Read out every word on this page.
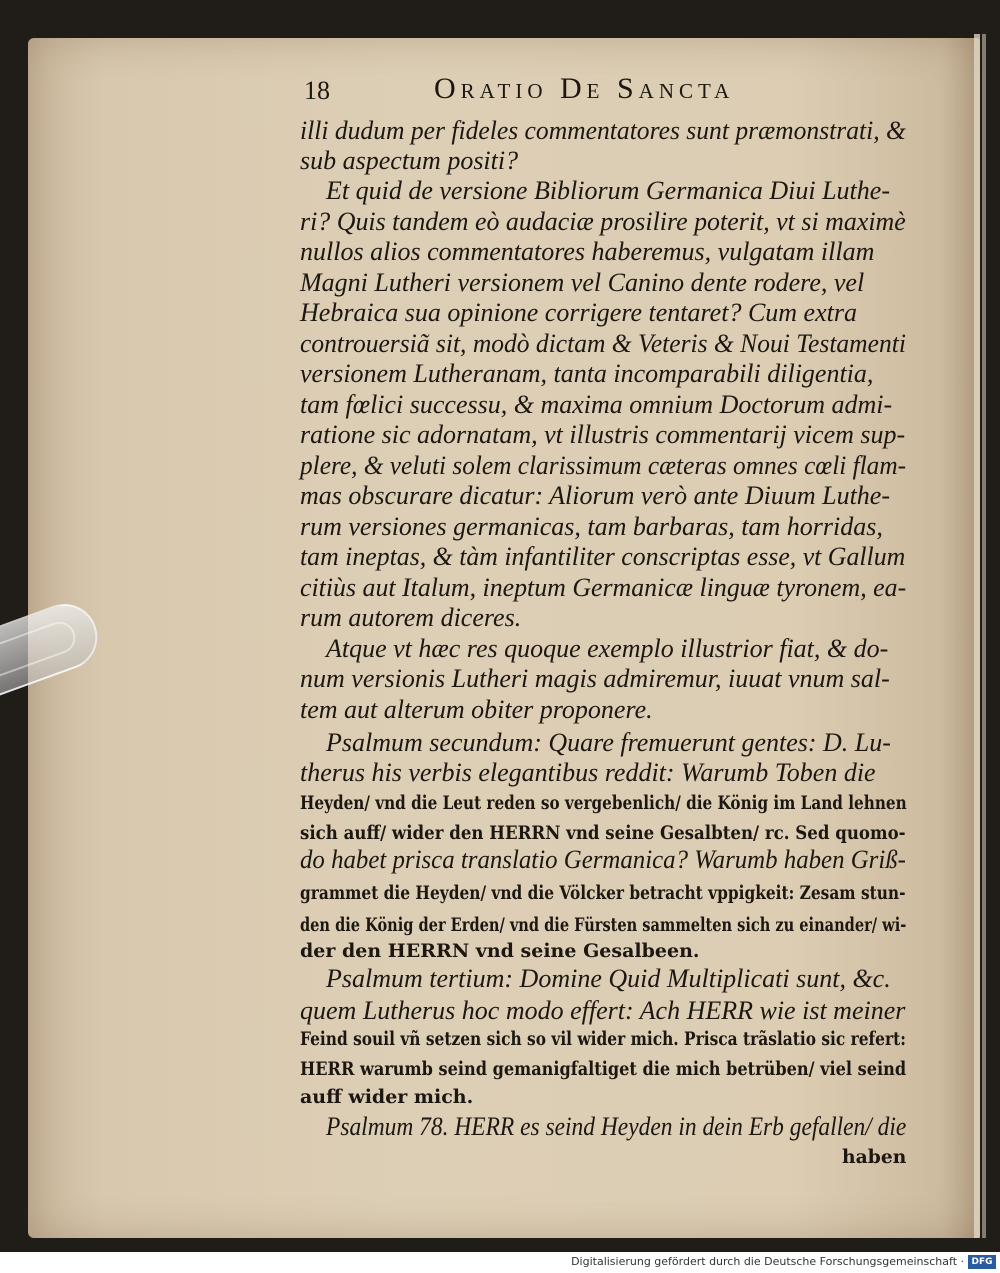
18	Oratio De Sancta
illi dudum per fideles commentatores sunt præmonstrati, &
sub aspectum positi?
Et quid de versione Bibliorum Germanica Diui Luthe-
ri? Quis tandem eò audaciæ prosilire poterit, vt si maximè
nullos alios commentatores haberemus, vulgatam illam
Magni Lutheri versionem vel Canino dente rodere, vel
Hebraica sua opinione corrigere tentaret? Cum extra
controuersiã sit, modò dictam & Veteris & Noui Testamenti
versionem Lutheranam, tanta incomparabili diligentia,
tam fœlici successu, & maxima omnium Doctorum admi-
ratione sic adornatam, vt illustris commentarij vicem sup-
plere, & veluti solem clarissimum cæteras omnes cœli flam-
mas obscurare dicatur: Aliorum verò ante Diuum Luthe-
rum versiones germanicas, tam barbaras, tam horridas,
tam ineptas, & tàm infantiliter conscriptas esse, vt Gallum
citiùs aut Italum, ineptum Germanicæ linguæ tyronem, ea-
rum autorem diceres.
Atque vt hæc res quoque exemplo illustrior fiat, & do-
num versionis Lutheri magis admiremur, iuuat vnum sal-
tem aut alterum obiter proponere.
Psalmum secundum: Quare fremuerunt gentes: D. Lu-
therus his verbis elegantibus reddit: Warumb Toben die
Heyden/ vnd die Leut reden so vergebenlich/ die König im Land lehnen
sich auff/ wider den HERRN vnd seine Gesalbten/ rc. Sed quomo-
do habet prisca translatio Germanica? Warumb haben Griß-
grammet die Heyden/ vnd die Völcker betracht vppigkeit: Zesam stun-
den die König der Erden/ vnd die Fürsten sammelten sich zu einander/ wi-
der den HERRN vnd seine Gesalbeen.
Psalmum tertium: Domine Quid Multiplicati sunt, &c.
quem Lutherus hoc modo effert: Ach HERR wie ist meiner
Feind souil vñ setzen sich so vil wider mich. Prisca trãslatio sic refert:
HERR warumb seind gemanigfaltiget die mich betrüben/ viel seind
auff wider mich.
Psalmum 78. HERR es seind Heyden in dein Erb gefallen/ die
haben
Digitalisierung gefördert durch die Deutsche Forschungsgemeinschaft · DFG
